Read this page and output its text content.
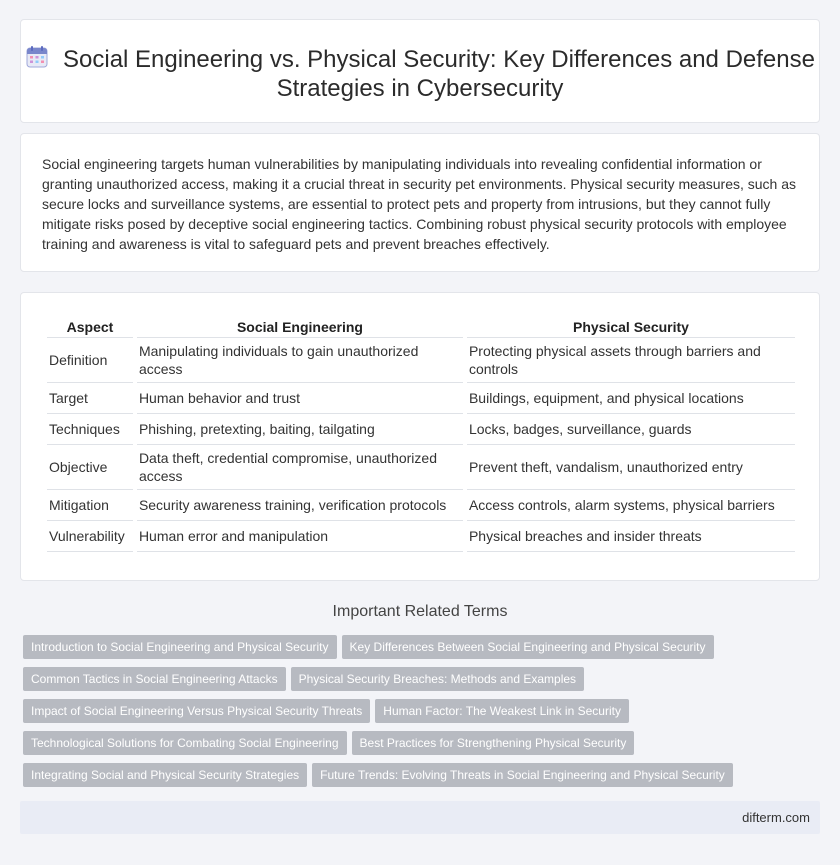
Social Engineering vs. Physical Security: Key Differences and Defense Strategies in Cybersecurity

Social engineering targets human vulnerabilities by manipulating individuals into revealing confidential information or granting unauthorized access, making it a crucial threat in security pet environments. Physical security measures, such as secure locks and surveillance systems, are essential to protect pets and property from intrusions, but they cannot fully mitigate risks posed by deceptive social engineering tactics. Combining robust physical security protocols with employee training and awareness is vital to safeguard pets and prevent breaches effectively.

Aspect	Social Engineering	Physical Security
Definition	Manipulating individuals to gain unauthorized access	Protecting physical assets through barriers and controls
Target	Human behavior and trust	Buildings, equipment, and physical locations
Techniques	Phishing, pretexting, baiting, tailgating	Locks, badges, surveillance, guards
Objective	Data theft, credential compromise, unauthorized access	Prevent theft, vandalism, unauthorized entry
Mitigation	Security awareness training, verification protocols	Access controls, alarm systems, physical barriers
Vulnerability	Human error and manipulation	Physical breaches and insider threats
Important Related Terms
Introduction to Social Engineering and Physical Security Key Differences Between Social Engineering and Physical Security
Common Tactics in Social Engineering Attacks Physical Security Breaches: Methods and Examples
Impact of Social Engineering Versus Physical Security Threats Human Factor: The Weakest Link in Security
Technological Solutions for Combating Social Engineering Best Practices for Strengthening Physical Security
Integrating Social and Physical Security Strategies Future Trends: Evolving Threats in Social Engineering and Physical Security
difterm.com
